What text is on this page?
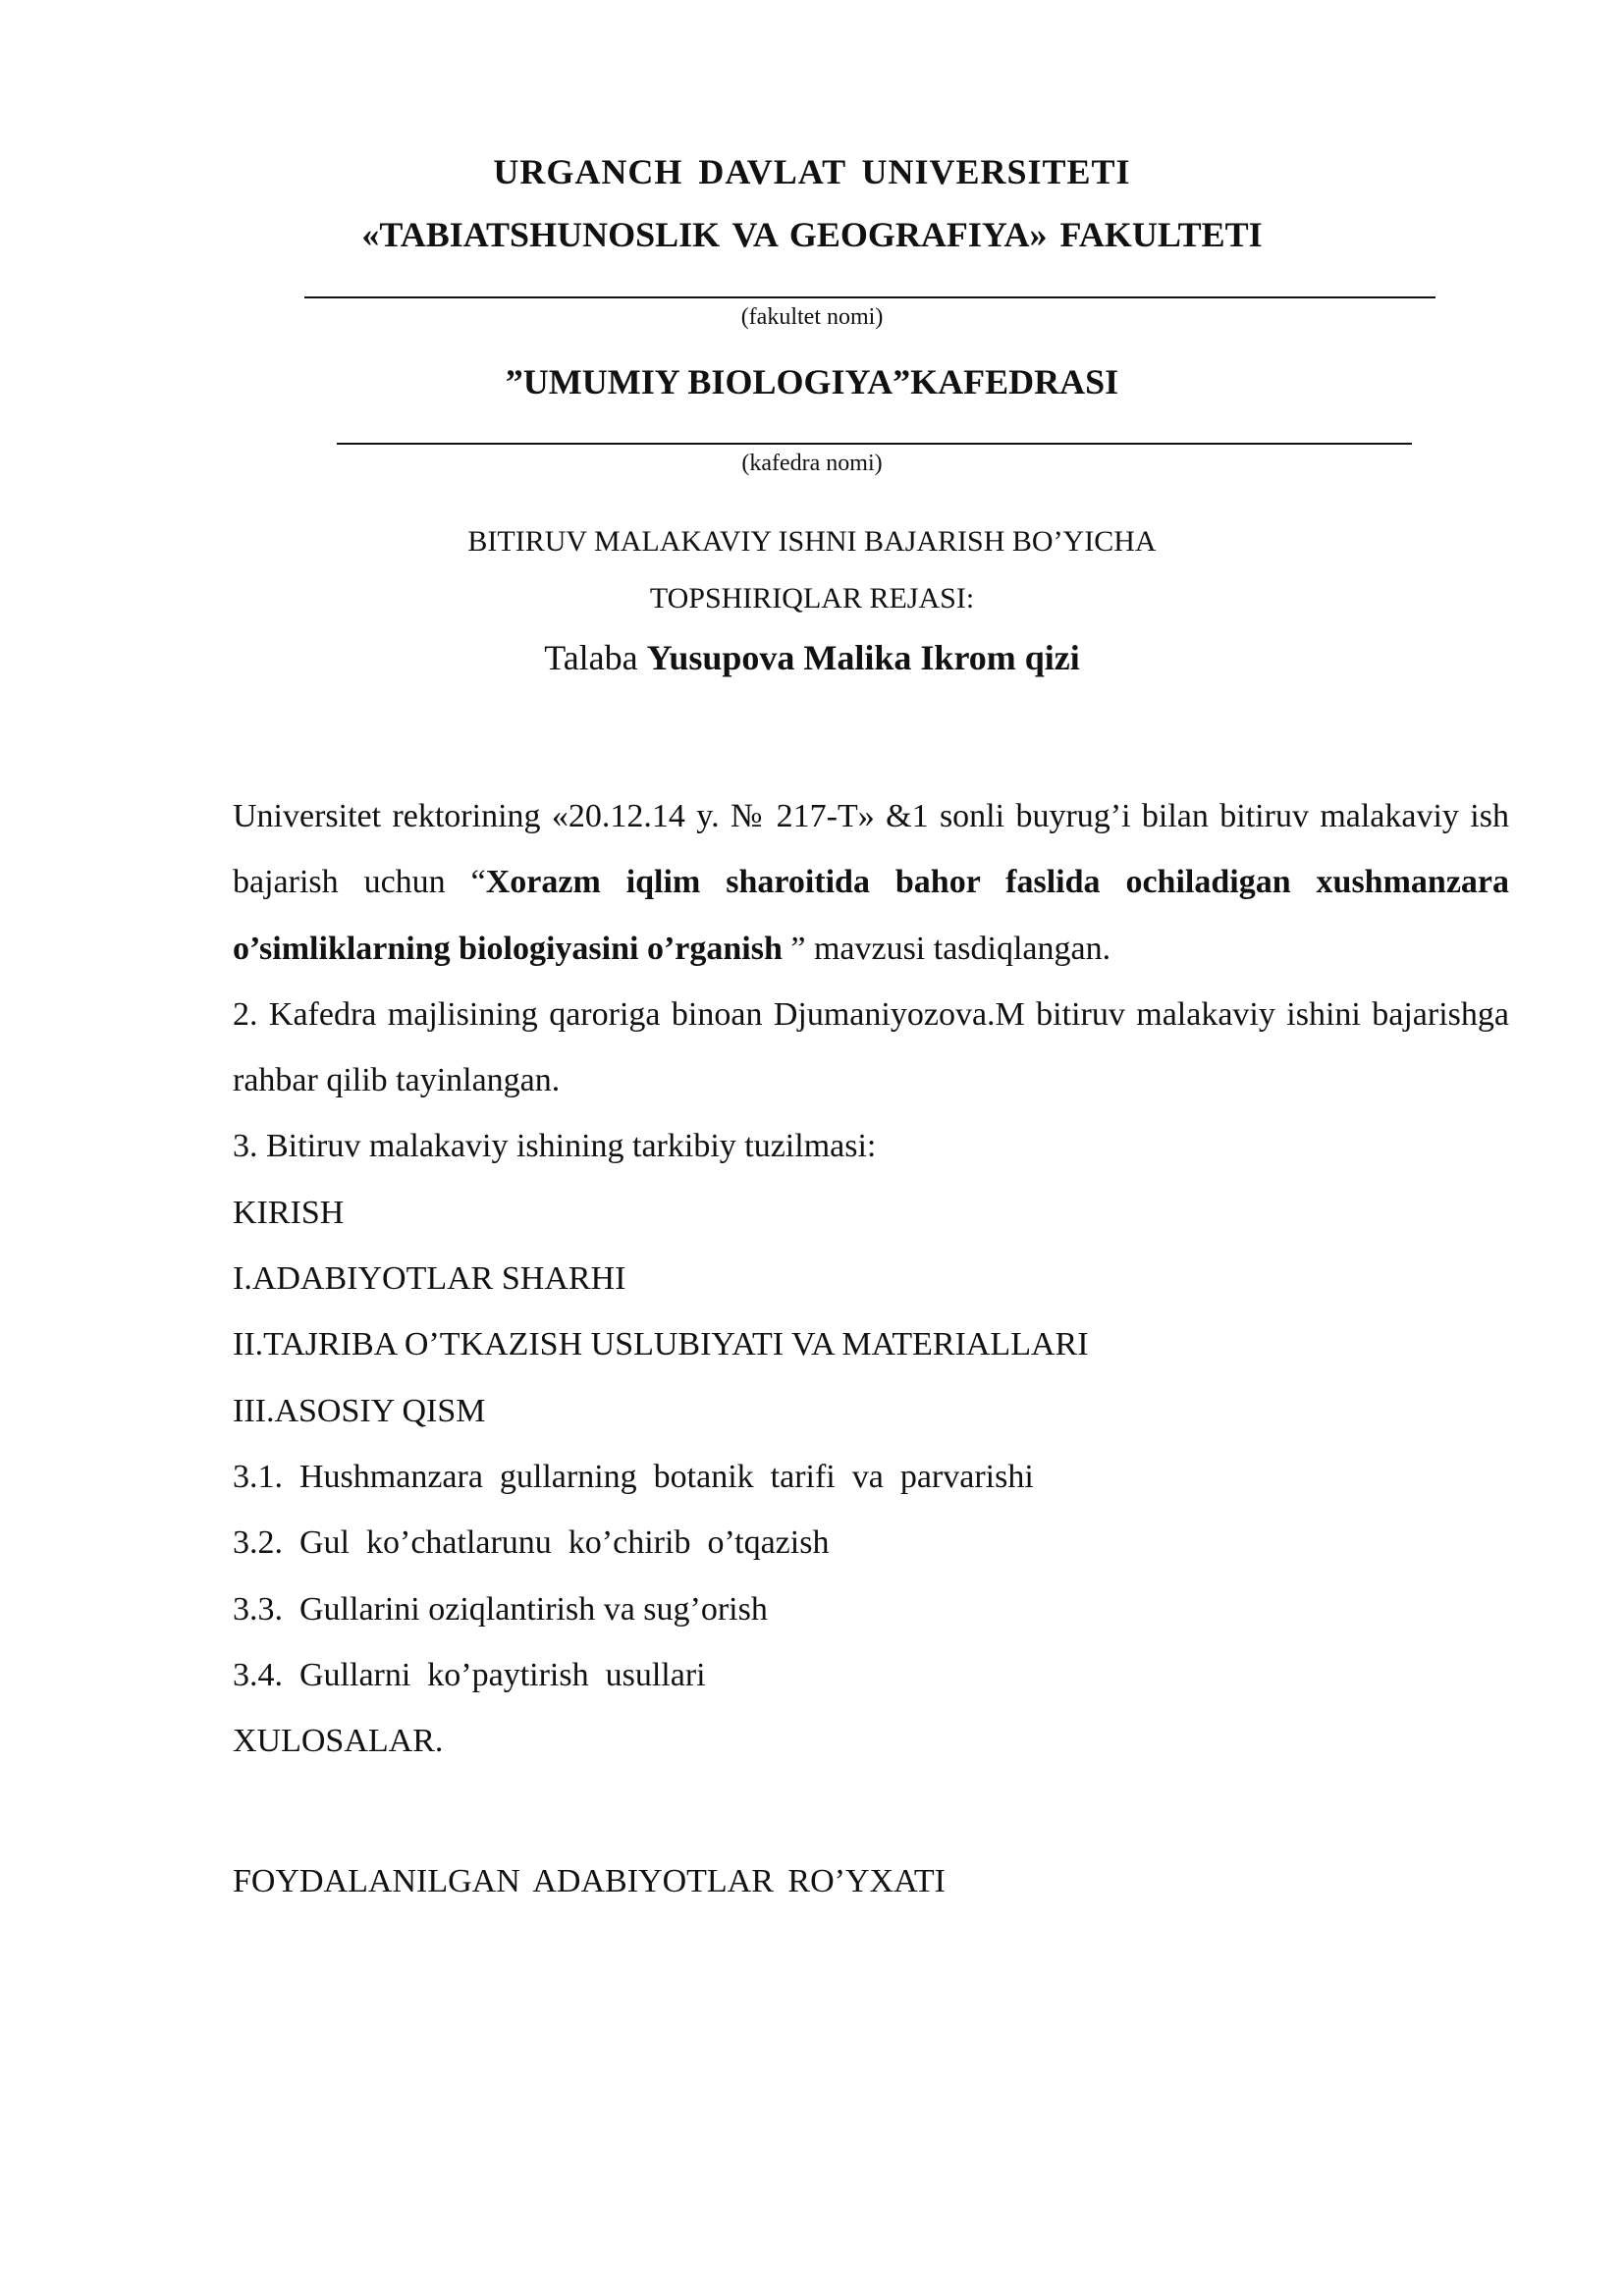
URGANCH DAVLAT UNIVERSITETI
«TABIATSHUNOSLIK VA GEOGRAFIYA» FAKULTETI
(fakultet nomi)
”UMUMIY BIOLOGIYA”KAFEDRASI
(kafedra nomi)
BITIRUV MALAKAVIY ISHNI BAJARISH BO’YICHA
TOPSHIRIQLAR REJASI:
Talaba Yusupova Malika Ikrom qizi

Universitet rektorining «20.12.14 y. № 217-T» &1 sonli buyrug’i bilan bitiruv malakaviy ish bajarish uchun “Xorazm iqlim sharoitida bahor faslida ochiladigan xushmanzara o’simliklarning biologiyasini o’rganish ” mavzusi tasdiqlangan.

2. Kafedra majlisining qaroriga binoan Djumaniyozova.M bitiruv malakaviy ishini bajarishga rahbar qilib tayinlangan.

3. Bitiruv malakaviy ishining tarkibiy tuzilmasi:

KIRISH

I.ADABIYOTLAR SHARHI

II.TAJRIBA O’TKAZISH USLUBIYATI VA MATERIALLARI

III.ASOSIY QISM

3.1.  Hushmanzara  gullarning  botanik  tarifi  va  parvarishi

3.2.  Gul  ko’chatlarunu  ko’chirib  o’tqazish

3.3.  Gullarini oziqlantirish va sug’orish

3.4.  Gullarni  ko’paytirish  usullari

XULOSALAR.

FOYDALANILGAN ADABIYOTLAR RO’YXATI
